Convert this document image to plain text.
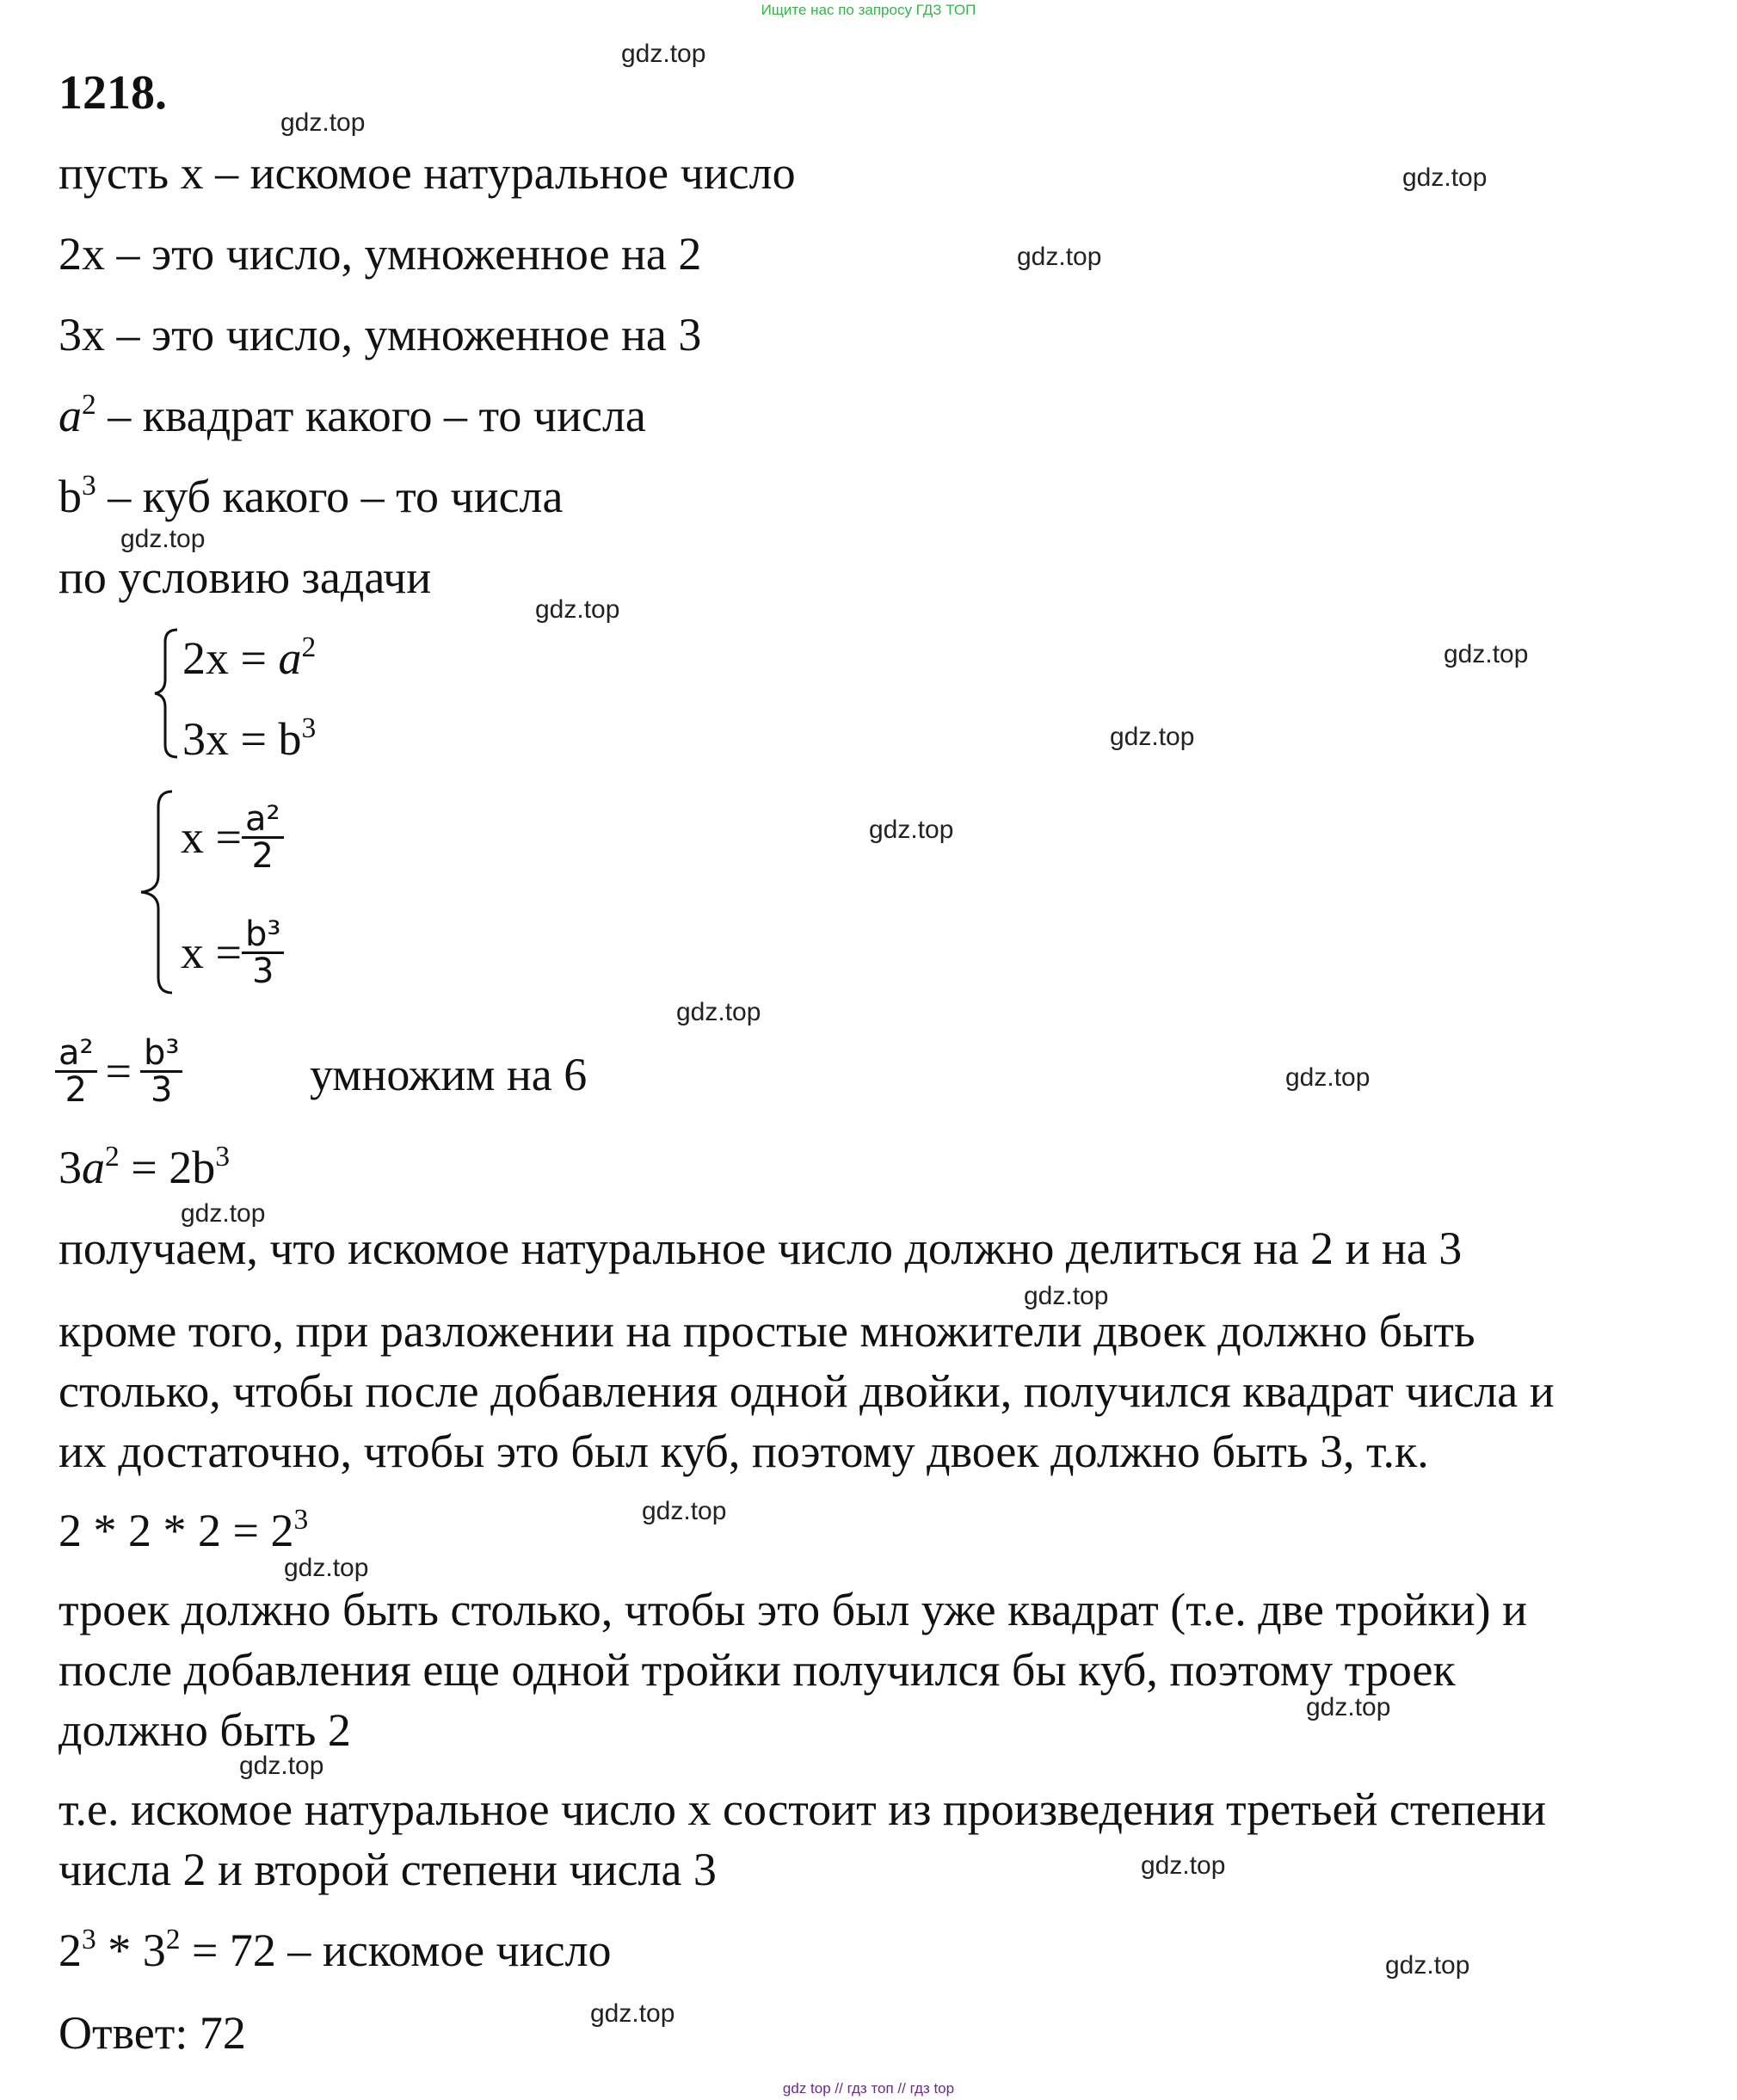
Ищите нас по запросу ГДЗ ТОП
1218.
пусть x – искомое натуральное число
2x – это число, умноженное на 2
3x – это число, умноженное на 3
$a^2$ – квадрат какого – то числа
$b^3$ – куб какого – то числа
по условию задачи
$2x = a^2$
$3x = b^3$
$x = \frac{\text{a²}}{2}$
$x = \frac{\text{b³}}{3}$
$\frac{\text{a²}}{2} = \frac{\text{b³}}{3}$	умножим на 6
$3a^2 = 2b^3$
получаем, что искомое натуральное число должно делиться на 2 и на 3
кроме того, при разложении на простые множители двоек должно быть
столько, чтобы после добавления одной двойки, получился квадрат числа и
их достаточно, чтобы это был куб, поэтому двоек должно быть 3, т.к.
$2 * 2 * 2 = 2^3$
троек должно быть столько, чтобы это был уже квадрат (т.е. две тройки) и
после добавления еще одной тройки получился бы куб, поэтому троек
должно быть 2
т.е. искомое натуральное число x состоит из произведения третьей степени
числа 2 и второй степени числа 3
$2^3 * 3^2 = 72$ – искомое число
Ответ: 72
gdz.top
gdz.top
gdz.top
gdz.top
gdz.top
gdz.top
gdz.top
gdz.top
gdz.top
gdz.top
gdz.top
gdz.top
gdz.top
gdz.top
gdz.top
gdz.top
gdz.top
gdz.top
gdz.top
gdz.top
gdz top // гдз топ // гдз top
